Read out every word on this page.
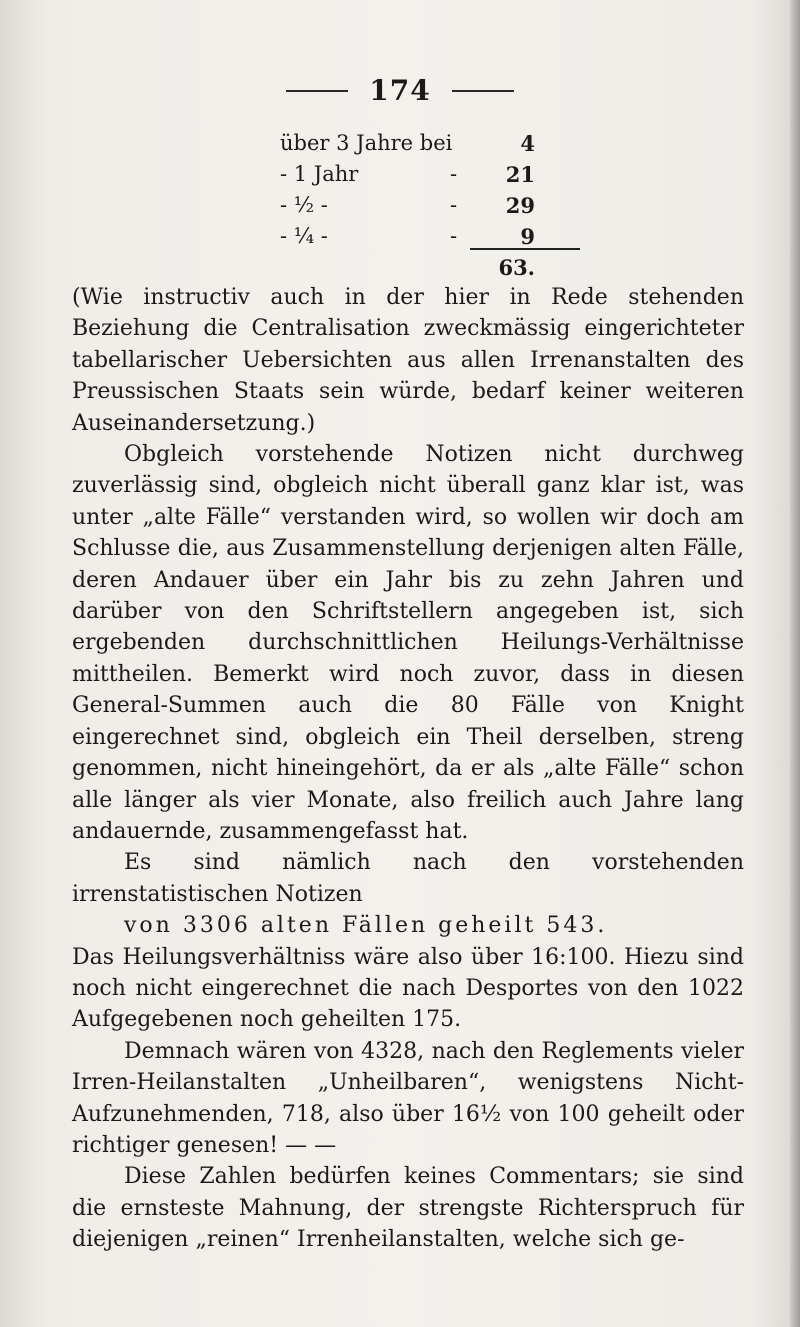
174
über 3 Jahre bei	4
- 1 Jahr	-	21
- ½ -	-	29
- ¼ -	-	9
63.

(Wie instructiv auch in der hier in Rede stehenden Beziehung die Centralisation zweckmässig eingerichteter tabellarischer Uebersichten aus allen Irrenanstalten des Preussischen Staats sein würde, bedarf keiner weiteren Auseinandersetzung.)

Obgleich vorstehende Notizen nicht durchweg zuverlässig sind, obgleich nicht überall ganz klar ist, was unter „alte Fälle“ verstanden wird, so wollen wir doch am Schlusse die, aus Zusammenstellung derjenigen alten Fälle, deren Andauer über ein Jahr bis zu zehn Jahren und darüber von den Schriftstellern angegeben ist, sich ergebenden durchschnittlichen Heilungs-Verhältnisse mittheilen. Bemerkt wird noch zuvor, dass in diesen General-Summen auch die 80 Fälle von Knight eingerechnet sind, obgleich ein Theil derselben, streng genommen, nicht hineingehört, da er als „alte Fälle“ schon alle länger als vier Monate, also freilich auch Jahre lang andauernde, zusammengefasst hat.

Es sind nämlich nach den vorstehenden irrenstatistischen Notizen

von 3306 alten Fällen geheilt 543.

Das Heilungsverhältniss wäre also über 16:100. Hiezu sind noch nicht eingerechnet die nach Desportes von den 1022 Aufgegebenen noch geheilten 175.

Demnach wären von 4328, nach den Reglements vieler Irren-Heilanstalten „Unheilbaren“, wenigstens Nicht-Aufzunehmenden, 718, also über 16½ von 100 geheilt oder richtiger genesen! — —

Diese Zahlen bedürfen keines Commentars; sie sind die ernsteste Mahnung, der strengste Richterspruch für diejenigen „reinen“ Irrenheilanstalten, welche sich ge-
